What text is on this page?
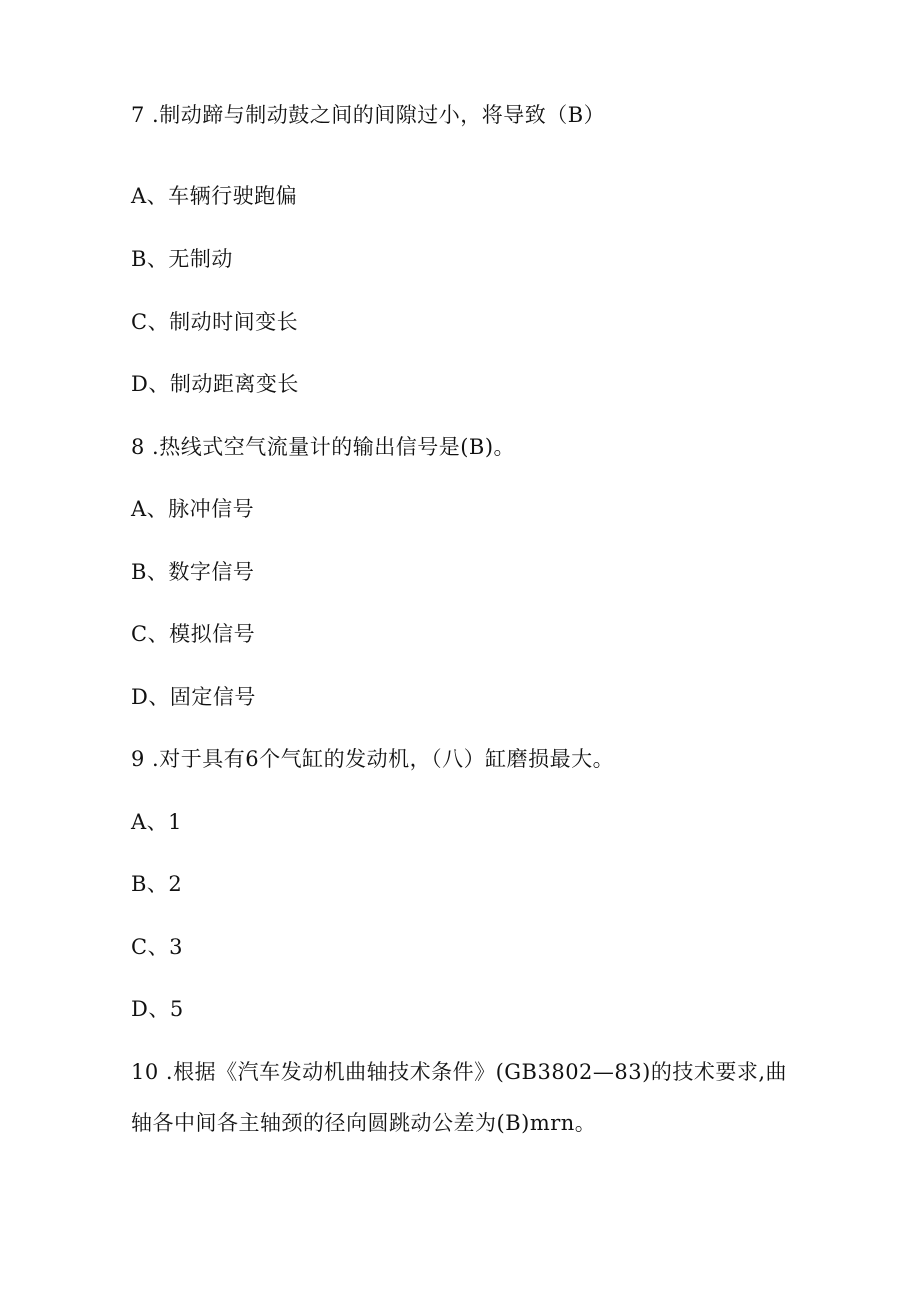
7 .制动蹄与制动鼓之间的间隙过小，将导致（B）
A、车辆行驶跑偏
B、无制动
C、制动时间变长
D、制动距离变长
8 .热线式空气流量计的输出信号是(B)。
A、脉冲信号
B、数字信号
C、模拟信号
D、固定信号
9 .对于具有6个气缸的发动机，（八）缸磨损最大。
A、1
B、2
C、3
D、5
10 .根据《汽车发动机曲轴技术条件》(GB3802—83)的技术要求,曲
轴各中间各主轴颈的径向圆跳动公差为(B)mrn。
